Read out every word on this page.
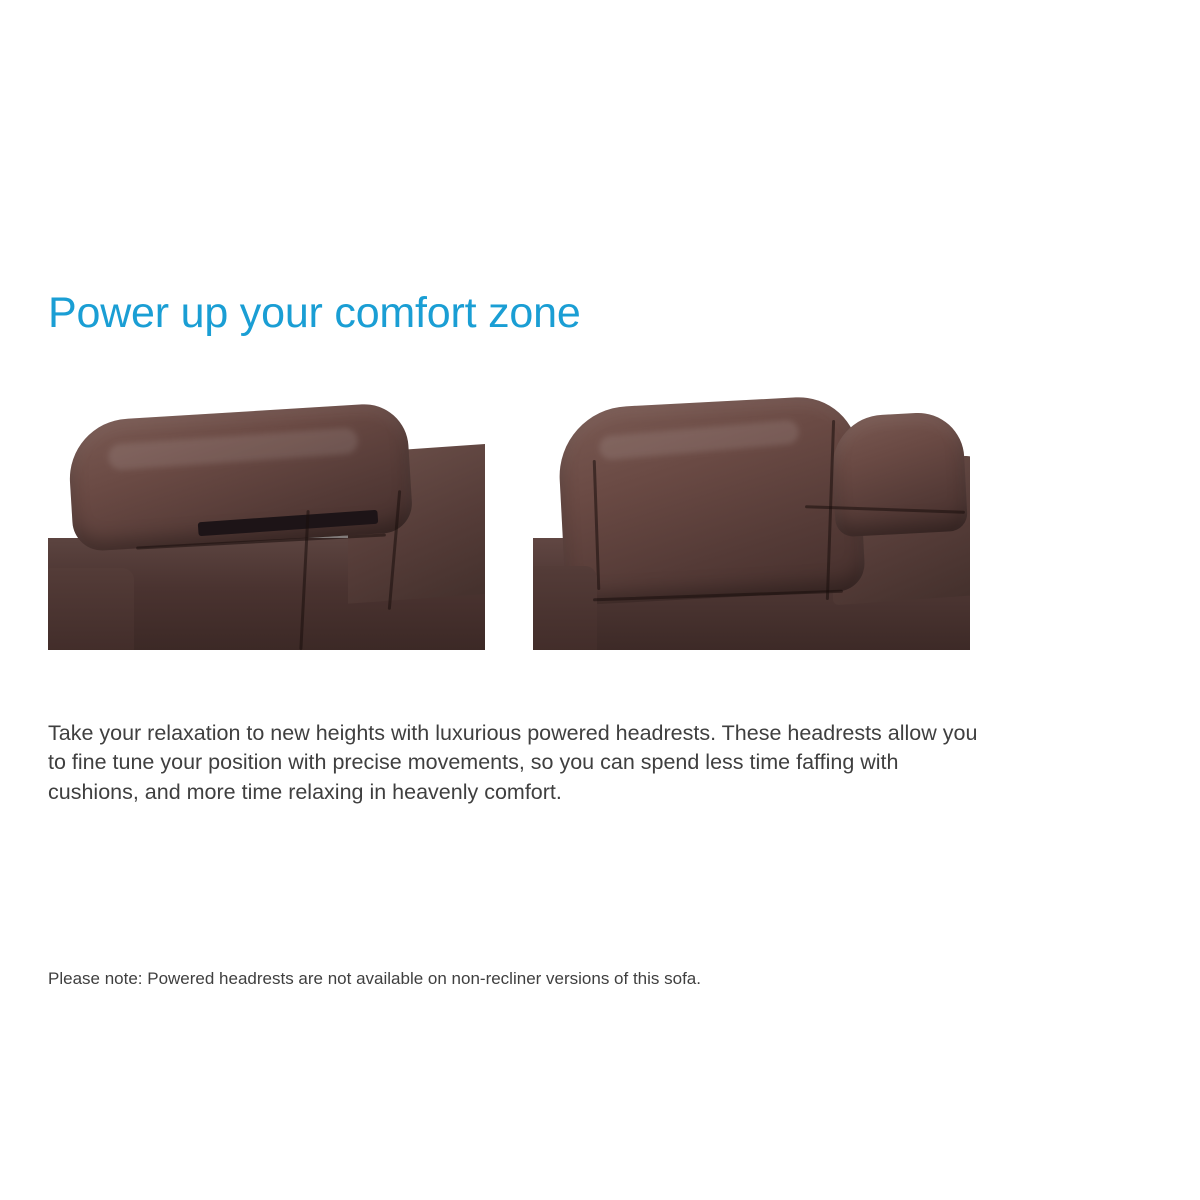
Power up your comfort zone

Take your relaxation to new heights with luxurious powered headrests. These headrests allow you to fine tune your position with precise movements, so you can spend less time faffing with cushions, and more time relaxing in heavenly comfort.

Please note: Powered headrests are not available on non-recliner versions of this sofa.
